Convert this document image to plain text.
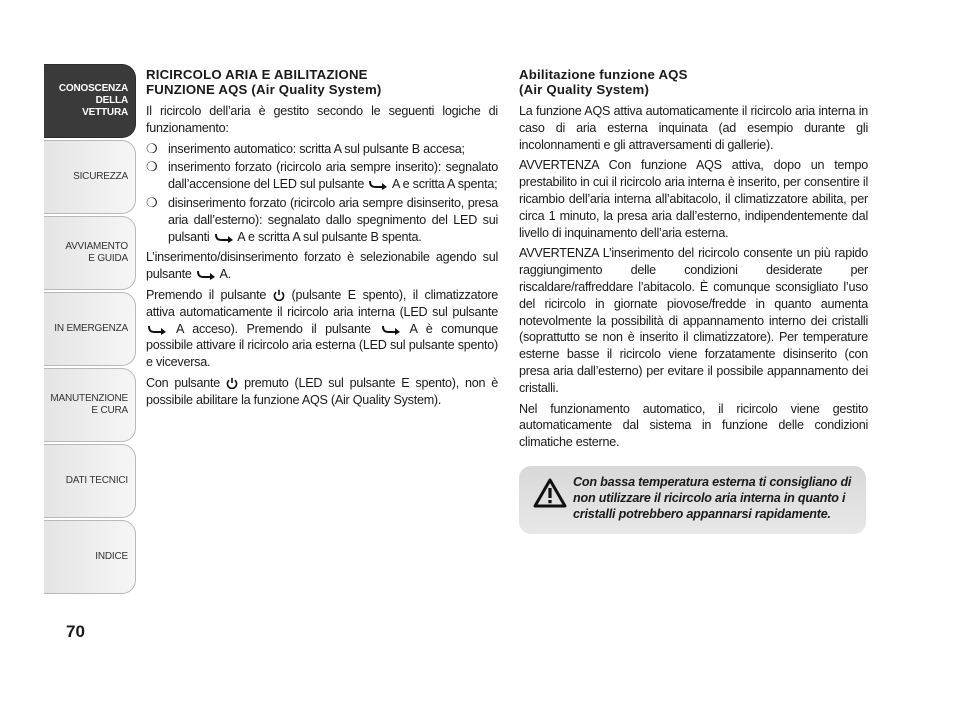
CONOSCENZA
DELLA
VETTURA
SICUREZZA
AVVIAMENTO
E GUIDA
IN EMERGENZA
MANUTENZIONE
E CURA
DATI TECNICI
INDICE
70
RICIRCOLO ARIA E ABILITAZIONE
FUNZIONE AQS (Air Quality System)

Il ricircolo dell’aria è gestito secondo le seguenti logiche di funzionamento:

❍ inserimento automatico: scritta A sul pulsante B accesa;
❍ inserimento forzato (ricircolo aria sempre inserito): segnalato dall’accensione del LED sul pulsante A e scritta A spenta;
❍ disinserimento forzato (ricircolo aria sempre disinserito, presa aria dall’esterno): segnalato dallo spegnimento del LED sui pulsanti A e scritta A sul pulsante B spenta.

L’inserimento/disinserimento forzato è selezionabile agendo sul pulsante A.

Premendo il pulsante (pulsante E spento), il climatizzatore attiva automaticamente il ricircolo aria interna (LED sul pulsante  A acceso). Premendo il pulsante	A è comunque possibile attivare il ricircolo aria esterna (LED sul pulsante spento) e viceversa.

Con pulsante premuto (LED sul pulsante E spento), non è possibile abilitare la funzione AQS (Air Quality System).

Abilitazione funzione AQS
(Air Quality System)

La funzione AQS attiva automaticamente il ricircolo aria interna in caso di aria esterna inquinata (ad esempio durante gli incolonnamenti e gli attraversamenti di gallerie).

AVVERTENZA Con funzione AQS attiva, dopo un tempo prestabilito in cui il ricircolo aria interna è inserito, per consentire il ricambio dell’aria interna all’abitacolo, il climatizzatore abilita, per circa 1 minuto, la presa aria dall’esterno, indipendentemente dal livello di inquinamento dell’aria esterna.

AVVERTENZA L’inserimento del ricircolo consente un più rapido raggiungimento delle condizioni desiderate per riscaldare/raffreddare l’abitacolo. È comunque sconsigliato l’uso del ricircolo in giornate piovose/fredde in quanto aumenta notevolmente la possibilità di appannamento interno dei cristalli (soprattutto se non è inserito il climatizzatore). Per temperature esterne basse il ricircolo viene forzatamente disinserito (con presa aria dall’esterno) per evitare il possibile appannamento dei cristalli.

Nel funzionamento automatico, il ricircolo viene gestito automaticamente dal sistema in funzione delle condizioni climatiche esterne.

Con bassa temperatura esterna ti consigliano di non utilizzare il ricircolo aria interna in quanto i cristalli potrebbero appannarsi rapidamente.
